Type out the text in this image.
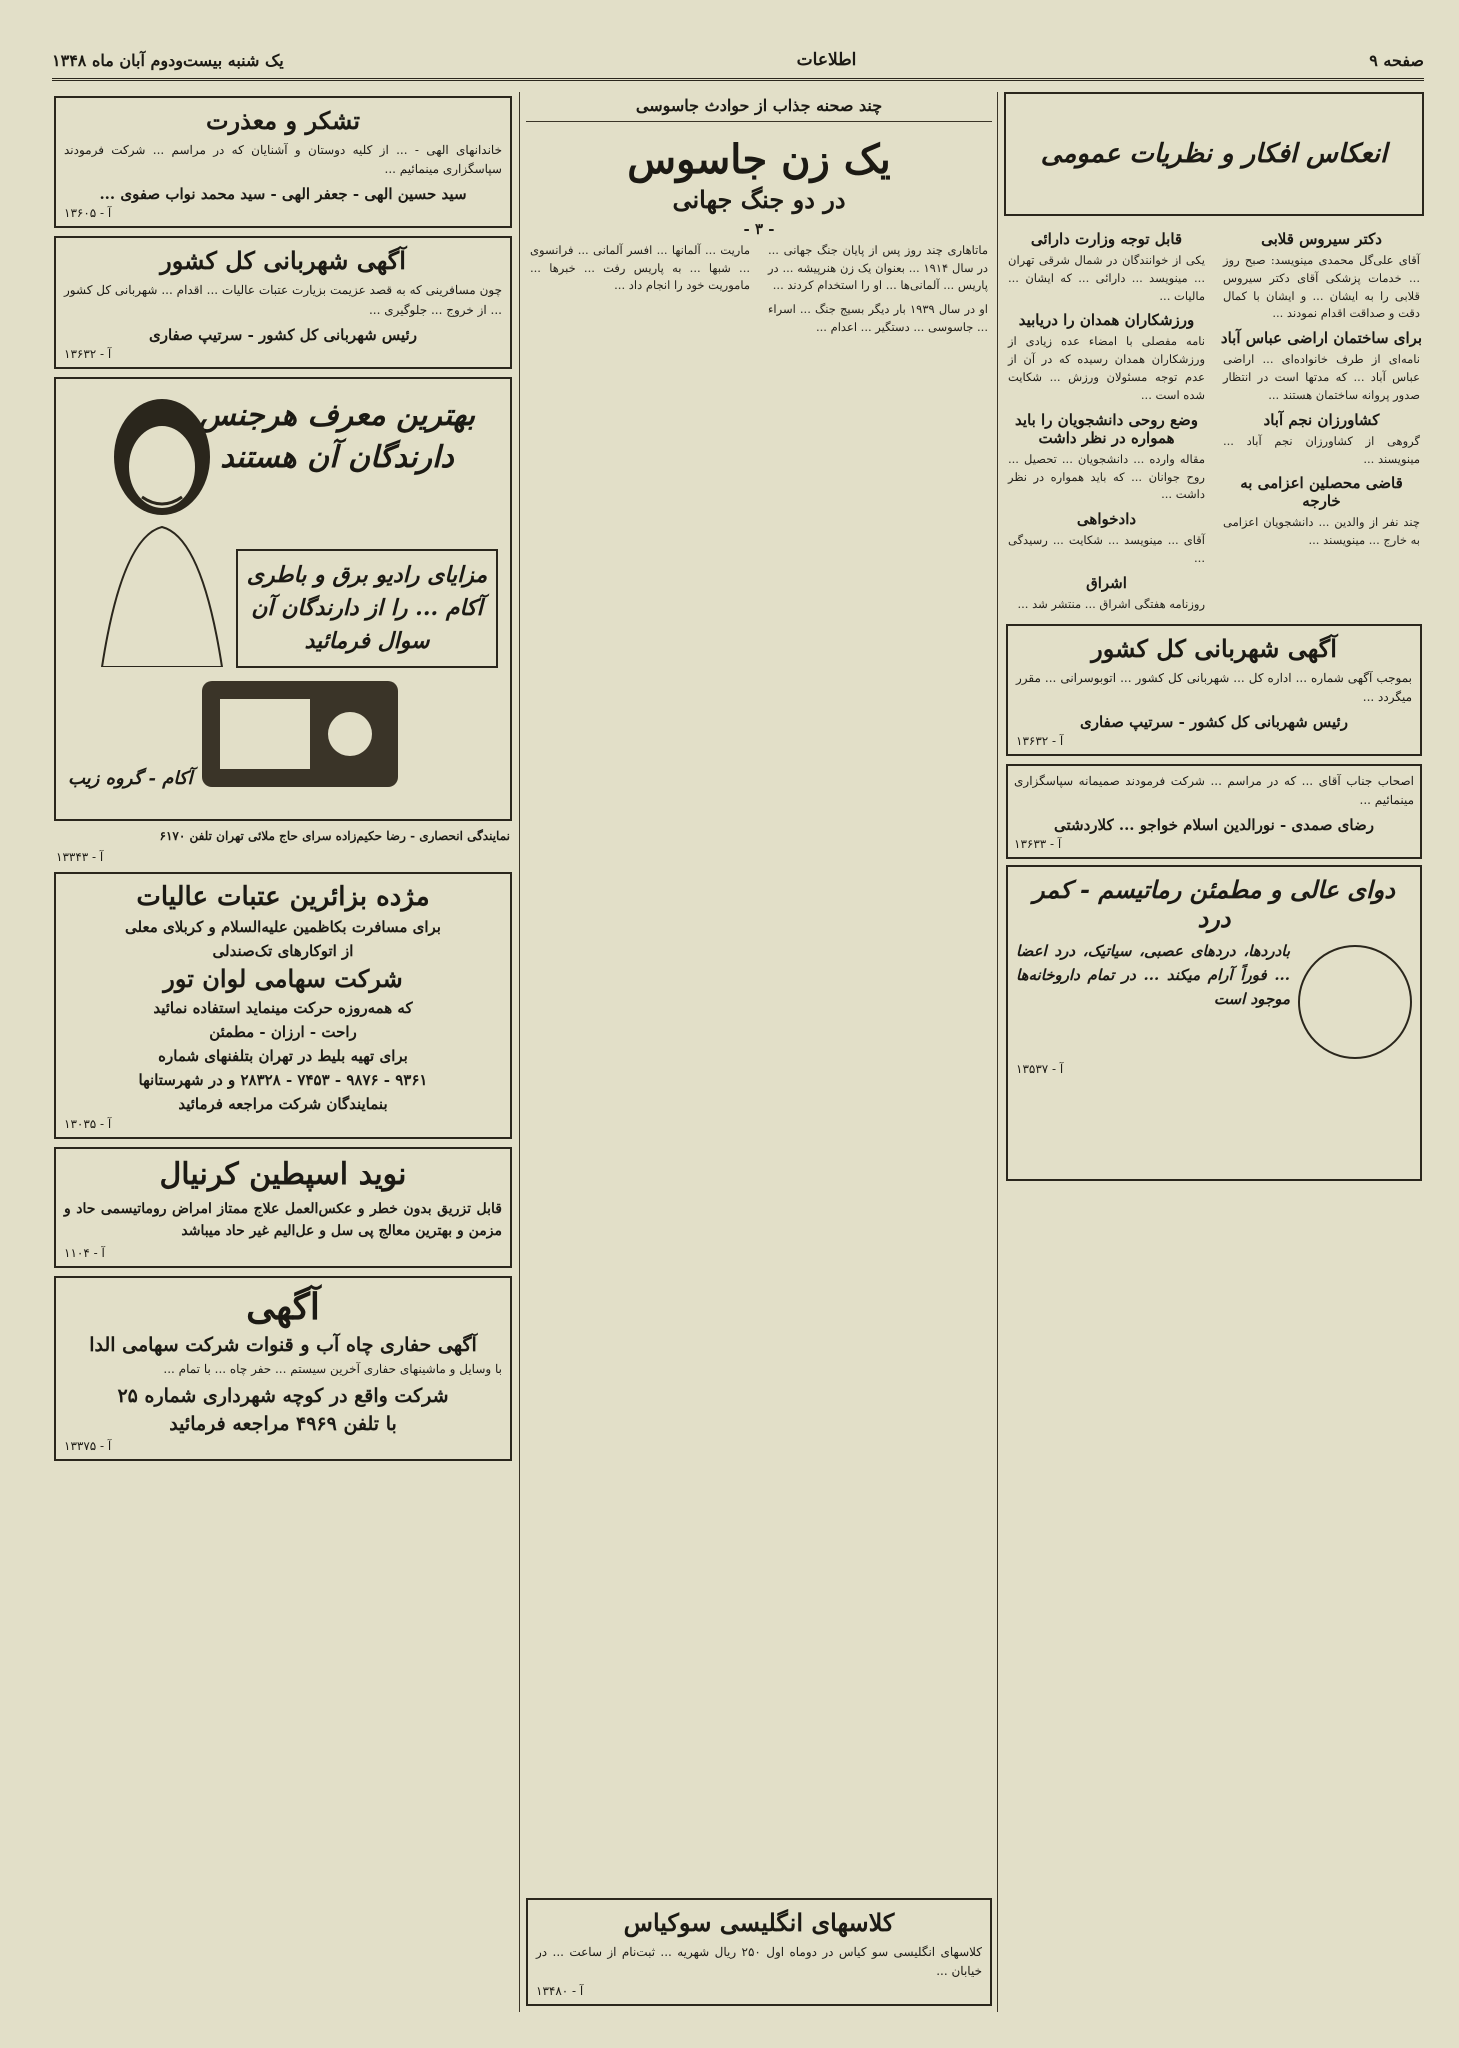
صفحه ۹
اطلاعات
یک شنبه بیست‌ودوم آبان ماه ۱۳۴۸
انعکاس افکار و نظریات عمومی
دکتر سیروس قلابی

آقای علی‌گل محمدی مینویسد: صبح روز ... خدمات پزشکی آقای دکتر سیروس قلابی را به ایشان ... و ایشان با کمال دقت و صداقت اقدام نمودند ...

برای ساختمان اراضی عباس آباد

نامه‌ای از طرف خانواده‌ای ... اراضی عباس آباد ... که مدتها است در انتظار صدور پروانه ساختمان هستند ...

کشاورزان نجم آباد

گروهی از کشاورزان نجم آباد ... مینویسند ...

قاضی محصلین اعزامی به خارجه

چند نفر از والدین ... دانشجویان اعزامی به خارج ... مینویسند ...

قابل توجه وزارت دارائی

یکی از خوانندگان در شمال شرقی تهران ... مینویسد ... دارائی ... که ایشان ... مالیات ...

ورزشکاران همدان را دریابید

نامه مفصلی با امضاء عده زیادی از ورزشکاران همدان رسیده که در آن از عدم توجه مسئولان ورزش ... شکایت شده است ...

وضع روحی دانشجویان را باید همواره در نظر داشت

مقاله وارده ... دانشجویان ... تحصیل ... روح جوانان ... که باید همواره در نظر داشت ...

دادخواهی

آقای ... مینویسد ... شکایت ... رسیدگی ...

اشراق

روزنامه هفتگی اشراق ... منتشر شد ...

آگهی شهربانی کل کشور
بموجب آگهی شماره ... اداره کل ... شهربانی کل کشور ... اتوبوسرانی ... مقرر میگردد ...
رئیس شهربانی کل کشور - سرتیپ صفاری
آ - ۱۳۶۳۲
اصحاب جناب آقای ... که در مراسم ... شرکت فرمودند صمیمانه سپاسگزاری مینمائیم ...
رضای صمدی - نورالدین اسلام خواجو ... کلاردشتی
آ - ۱۳۶۳۳
دوای عالی و مطمئن رماتیسم - کمر درد
بادردها، دردهای عصبی، سیاتیک، درد اعضا ... فوراً آرام میکند ... در تمام داروخانه‌ها موجود است
آ - ۱۳۵۳۷
چند صحنه جذاب از حوادث جاسوسی
یک زن جاسوس
در دو جنگ جهانی
- ۳ -

ماتاهاری چند روز پس از پایان جنگ جهانی ... در سال ۱۹۱۴ ... بعنوان یک زن هنرپیشه ... در پاریس ... آلمانی‌ها ... او را استخدام کردند ...

او در سال ۱۹۳۹ بار دیگر بسیج جنگ ... اسراء ... جاسوسی ... دستگیر ... اعدام ...

ماریت ... آلمانها ... افسر آلمانی ... فرانسوی ... شبها ... به پاریس رفت ... خبرها ... ماموریت خود را انجام داد ...

کلاسهای انگلیسی سوکیاس
کلاسهای انگلیسی سو کیاس در دوماه اول ۲۵۰ ریال شهریه ... ثبت‌نام از ساعت ... در خیابان ...
آ - ۱۳۴۸۰
تشکر و معذرت
خاندانهای الهی - ... از کلیه دوستان و آشنایان که در مراسم ... شرکت فرمودند سپاسگزاری مینمائیم ...
سید حسین الهی - جعفر الهی - سید محمد نواب صفوی ...
آ - ۱۳۶۰۵
آگهی شهربانی کل کشور
چون مسافرینی که به قصد عزیمت بزیارت عتبات عالیات ... اقدام ... شهربانی کل کشور ... از خروج ... جلوگیری ...
رئیس شهربانی کل کشور - سرتیپ صفاری
آ - ۱۳۶۳۲
بهترین معرف هرجنس دارندگان آن هستند
مزایای رادیو برق و باطری آکام ... را از دارندگان آن سوال فرمائید
آکام - گروه زیب
نمایندگی انحصاری - رضا حکیم‌زاده سرای حاج ملائی تهران تلفن ۶۱۷۰
آ - ۱۳۳۴۳
مژده بزائرین عتبات عالیات
برای مسافرت بکاظمین علیه‌السلام و کربلای معلی
از اتوکارهای تک‌صندلی
شرکت سهامی لوان تور
که همه‌روزه حرکت مینماید استفاده نمائید
راحت - ارزان - مطمئن
برای تهیه بلیط در تهران بتلفنهای شماره
۹۳۶۱ - ۹۸۷۶ - ۷۴۵۳ - ۲۸۳۲۸ و در شهرستانها
بنمایندگان شرکت مراجعه فرمائید
آ - ۱۳۰۳۵
نوید اسپطین کرنیال
قابل تزریق بدون خطر و عکس‌العمل علاج ممتاز امراض روماتیسمی حاد و مزمن و بهترین معالج پی سل و عل‌الیم غیر حاد میباشد
آ - ۱۱۰۴
آگهی
آگهی حفاری چاه آب و قنوات شرکت سهامی الدا
با وسایل و ماشینهای حفاری آخرین سیستم ... حفر چاه ... با تمام ...
شرکت واقع در کوچه شهرداری شماره ۲۵
با تلفن ۴۹۶۹ مراجعه فرمائید
آ - ۱۳۳۷۵
